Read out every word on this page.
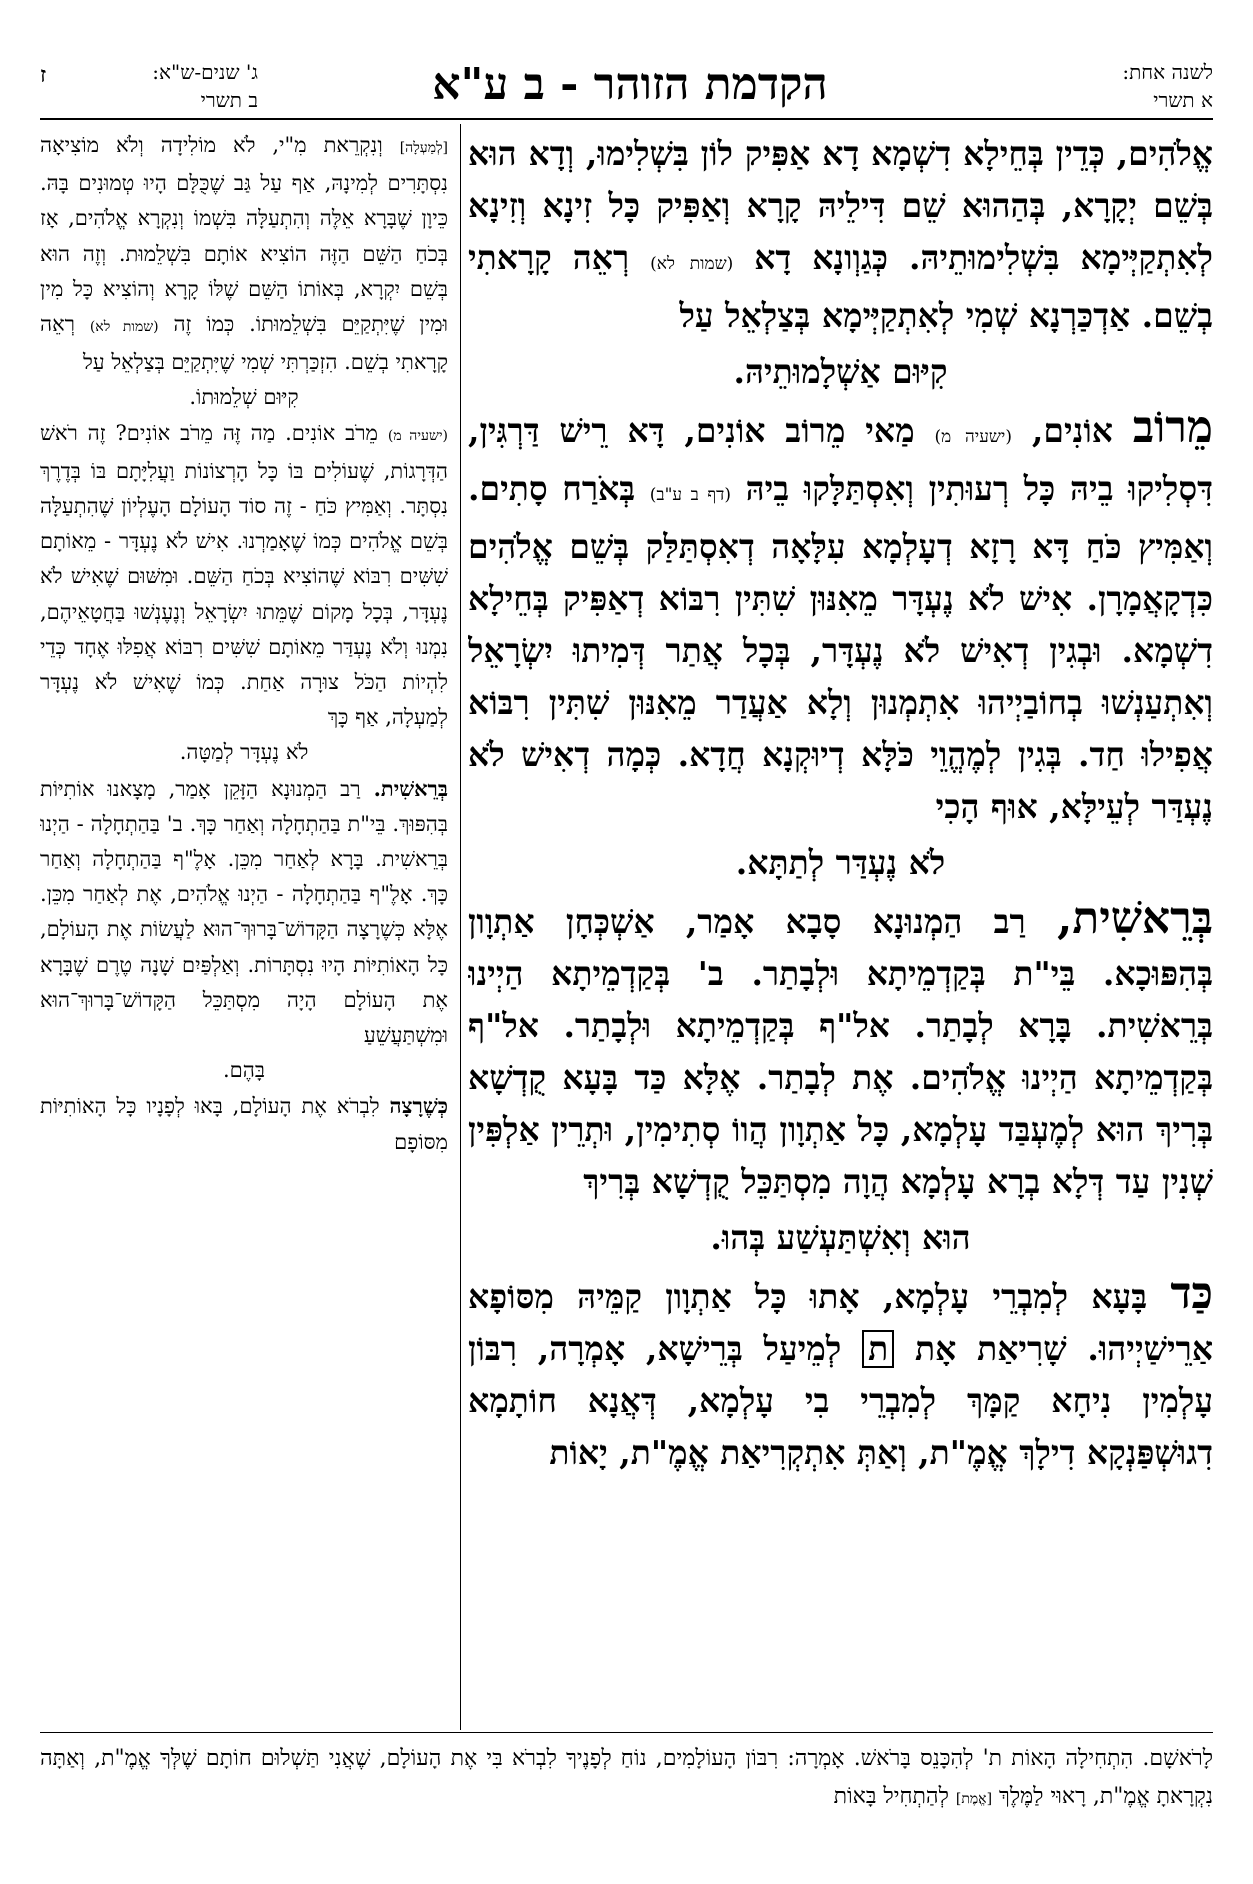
לשנה אחת:
א תשרי
הקדמת הזוהר - ב ע"א
ג' שנים-ש"א:
ב תשרי
ז

אֱלֹהִים, כְּדֵין בְּחֵילָא דִשְׁמָא דָא אַפִּיק לוֹן בִּשְׁלִימוּ, וְדָא הוּא בְּשֵׁם יְקָרָא, בְּהַהוּא שֵׁם דִּילֵיהּ קָרָא וְאַפִּיק כָּל זִינָא וְזִינָא לְאִתְקַיְּימָא בִּשְׁלִימוּתֵיהּ. כְּגַוְונָא דָא (שמות לא) רְאֵה קָרָאתִי בְשֵׁם. אַדְכַּרְנָא שְׁמִי לְאִתְקַיְּימָא בְּצַלְאֵל עַל

קִיּוּם אַשְׁלָמוּתֵיהּ.

מֵרוֹב אוֹנִים, (ישעיה מ) מַאי מֵרוֹב אוֹנִים, דָּא רֵישׁ דַּרְגִּין, דִּסְלִיקוּ בֵיהּ כָּל רְעוּתִין וְאִסְתַּלָּקוּ בֵיהּ (דף ב ע"ב) בְּאֹרַח סָתִים. וְאַמִּיץ כֹּחַ דָּא רָזָא דְעָלְמָא עִלָּאָה דְאִסְתַּלַּק בְּשֵׁם אֱלֹהִים כִּדְקָאֲמָרָן. אִישׁ לֹא נֶעְדָּר מֵאִנּוּן שִׁתִּין רִבּוֹא דְאַפִּיק בְּחֵילָא דִשְׁמָא. וּבְגִין דְאִישׁ לֹא נֶעְדָּר, בְּכָל אֲתַר דְּמִיתוּ יִשְׂרָאֵל וְאִתְעַנְשׁוּ בְחוֹבַיְיהוּ אִתְמְנוּן וְלָא אַעֲדַר מֵאִנּוּן שִׁתִּין רִבּוֹא אֲפִילוּ חַד. בְּגִין לְמֶהֱוֵי כֹּלָּא דְיוּקְנָא חֲדָא. כְּמָה דְאִישׁ לֹא נֶעְדַּר לְעֵילָּא, אוּף הָכִי

לֹא נֶעְדַּר לְתַתָּא.

בְּרֵאשִׁית, רַב הַמְנוּנָא סָבָא אָמַר, אַשְׁכְּחָן אַתְוָון בְּהִפּוּכָא. בֵּי"ת בְּקַדְמֵיתָא וּלְבָתַר. ב' בְּקַדְמֵיתָא הַיְינוּ בְּרֵאשִׁית. בָּרָא לְבָתַר. אל"ף בְּקַדְמֵיתָא וּלְבָתַר. אל"ף בְּקַדְמֵיתָא הַיְינוּ אֱלֹהִים. אֶת לְבָתַר. אֶלָּא כַּד בָּעָא קֻדְשָׁא בְּרִיךְ הוּא לְמֶעְבַּד עָלְמָא, כָּל אַתְוָון הֲווֹ סְתִימִין, וּתְרֵין אַלְפִּין שְׁנִין עַד דְּלָא בְרָא עָלְמָא הֲוָה מִסְתַּכֵּל קֻדְשָׁא בְּרִיךְ

הוּא וְאִשְׁתַּעְשַׁע בְּהוּ.

כַּד בָּעָא לְמִבְרֵי עָלְמָא, אָתוּ כָּל אַתְוָון קַמֵּיהּ מִסּוֹפָא אַרֵישַׁיְיהוּ. שָׁרִיאַת אָת ת לְמֵיעַל בְּרֵישָׁא, אָמְרָה, רִבּוֹן עָלְמִין נִיחָא קַמָּךְ לְמִבְרֵי בִי עָלְמָא, דְּאֲנָא חוֹתָמָא דִגוּשְׁפַּנְקָא דִילָךְ אֱמֶ"ת, וְאַתְּ אִתְקְרִיאַת אֱמֶ"ת, יָאוֹת

[לְמַעְלָה] וְנִקְרֵאת מִ"י, לֹא מוֹלִידָה וְלֹא מוֹצִיאָה נִסְתָּרִים לְמִינָהּ, אַף עַל גַּב שֶׁכֻּלָּם הָיוּ טְמוּנִים בָּהּ. כֵּיוָן שֶׁבָּרָא אֵלֶּה וְהִתְעַלָּה בִּשְׁמוֹ וְנִקְרָא אֱלֹהִים, אָז בְּכֹחַ הַשֵּׁם הַזֶּה הוֹצִיא אוֹתָם בִּשְׁלֵמוּת. וְזֶה הוּא בְּשֵׁם יִקְרָא, בְּאוֹתוֹ הַשֵּׁם שֶׁלּוֹ קָרָא וְהוֹצִיא כָּל מִין וּמִין שֶׁיִּתְקַיֵּם בִּשְׁלֵמוּתוֹ. כְּמוֹ זֶה (שמות לא) רְאֵה קָרָאתִי בְשֵׁם. הִזְכַּרְתִּי שְׁמִי שֶׁיִּתְקַיֵּם בְּצַלְאֵל עַל

קִיּוּם שְׁלֵמוּתוֹ.

(ישעיה מ) מֵרֹב אוֹנִים. מַה זֶּה מֵרֹב אוֹנִים? זֶה רֹאשׁ הַדְּרָגוֹת, שֶׁעוֹלִים בּוֹ כָּל הָרְצוֹנוֹת וַעֲלִיָּתָם בּוֹ בְּדֶרֶךְ נִסְתָּר. וְאַמִּיץ כֹּחַ - זֶה סוֹד הָעוֹלָם הָעֶלְיוֹן שֶׁהִתְעַלָּה בְּשֵׁם אֱלֹהִים כְּמוֹ שֶׁאָמַרְנוּ. אִישׁ לֹא נֶעְדָּר - מֵאוֹתָם שִׁשִּׁים רִבּוֹא שֶׁהוֹצִיא בְּכֹחַ הַשֵּׁם. וּמִשּׁוּם שֶׁאִישׁ לֹא נֶעְדָּר, בְּכָל מָקוֹם שֶׁמֵּתוּ יִשְׂרָאֵל וְנֶעֶנְשׁוּ בַּחֲטָאֵיהֶם, נִמְנוּ וְלֹא נֶעְדַּר מֵאוֹתָם שִׁשִּׁים רִבּוֹא אֲפִלּוּ אֶחָד כְּדֵי לִהְיוֹת הַכֹּל צוּרָה אַחַת. כְּמוֹ שֶׁאִישׁ לֹא נֶעְדָּר לְמַעְלָה, אַף כָּךְ

לֹא נֶעְדָּר לְמַטָּה.

בְּרֵאשִׁית. רַב הַמְנוּנָא הַזָּקֵן אָמַר, מָצָאנוּ אוֹתִיּוֹת בְּהִפּוּךְ. בֵּי"ת בַּהַתְחָלָה וְאַחַר כָּךְ. ב' בַּהַתְחָלָה - הַיְנוּ בְּרֵאשִׁית. בָּרָא לְאַחַר מִכֵּן. אָלֶ"ף בַּהַתְחָלָה וְאַחַר כָּךְ. אָלֶ"ף בַּהַתְחָלָה - הַיְנוּ אֱלֹהִים, אֶת לְאַחַר מִכֵּן. אֶלָּא כְּשֶׁרָצָה הַקָּדוֹשׁ־בָּרוּךְ־הוּא לַעֲשׂוֹת אֶת הָעוֹלָם, כָּל הָאוֹתִיּוֹת הָיוּ נִסְתָּרוֹת. וְאַלְפַּיִם שָׁנָה טֶרֶם שֶׁבָּרָא אֶת הָעוֹלָם הָיָה מִסְתַּכֵּל הַקָּדוֹשׁ־בָּרוּךְ־הוּא וּמִשְׁתַּעֲשֵׁעַ

בָּהֶם.

כְּשֶׁרָצָה לִבְרֹא אֶת הָעוֹלָם, בָּאוּ לְפָנָיו כָּל הָאוֹתִיּוֹת מִסּוֹפָם

לָרֹאשָׁם. הִתְחִילָה הָאוֹת ת' לְהִכָּנֵס בָּרֹאשׁ. אָמְרָה: רִבּוֹן הָעוֹלָמִים, נוֹחַ לְפָנֶיךָ לִבְרֹא בִּי אֶת הָעוֹלָם, שֶׁאֲנִי תַּשְׁלוּם חוֹתָם שֶׁלְּךָ אֱמֶ"ת, וְאַתָּה נִקְרָאתָ אֱמֶ"ת, רָאוּי לַמֶּלֶךְ [אֱמֶת] לְהַתְחִיל בָּאוֹת
